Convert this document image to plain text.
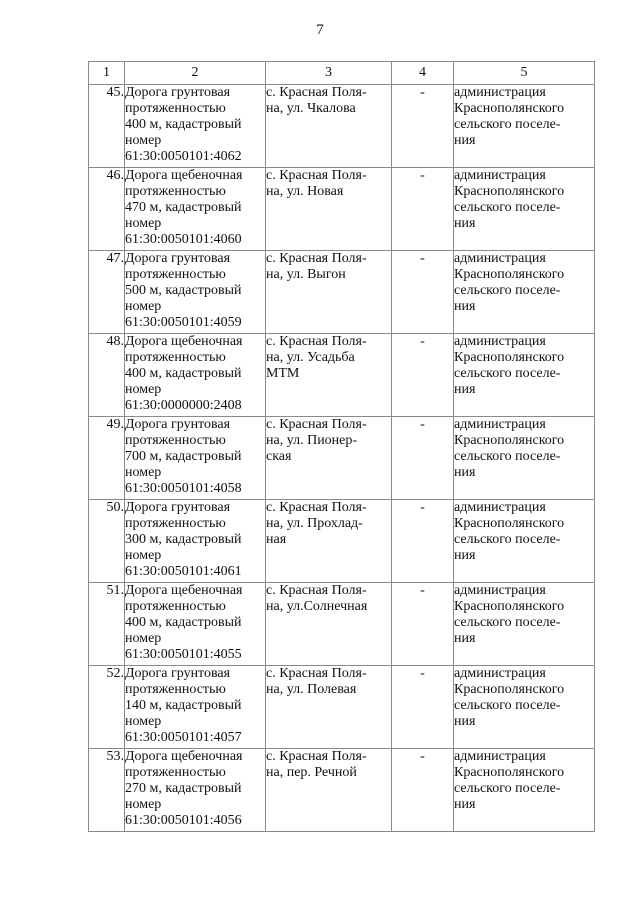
7
1	2	3	4	5
45.	Дорога грунтовая
протяженностью
400 м, кадастровый
номер
61:30:0050101:4062	с. Красная Поля-
на, ул. Чкалова	-	администрация
Краснополянского
сельского поселе-
ния

46.	Дорога щебеночная
протяженностью
470 м, кадастровый
номер
61:30:0050101:4060	с. Красная Поля-
на, ул. Новая	-	администрация
Краснополянского
сельского поселе-
ния

47.	Дорога грунтовая
протяженностью
500 м, кадастровый
номер
61:30:0050101:4059	с. Красная Поля-
на, ул. Выгон	-	администрация
Краснополянского
сельского поселе-
ния

48.	Дорога щебеночная
протяженностью
400 м, кадастровый
номер
61:30:0000000:2408	с. Красная Поля-
на, ул. Усадьба
МТМ	-	администрация
Краснополянского
сельского поселе-
ния

49.	Дорога грунтовая
протяженностью
700 м, кадастровый
номер
61:30:0050101:4058	с. Красная Поля-
на, ул. Пионер-
ская	-	администрация
Краснополянского
сельского поселе-
ния

50.	Дорога грунтовая
протяженностью
300 м, кадастровый
номер
61:30:0050101:4061	с. Красная Поля-
на, ул. Прохлад-
ная	-	администрация
Краснополянского
сельского поселе-
ния

51.	Дорога щебеночная
протяженностью
400 м, кадастровый
номер
61:30:0050101:4055	с. Красная Поля-
на, ул.Солнечная	-	администрация
Краснополянского
сельского поселе-
ния

52.	Дорога грунтовая
протяженностью
140 м, кадастровый
номер
61:30:0050101:4057	с. Красная Поля-
на, ул. Полевая	-	администрация
Краснополянского
сельского поселе-
ния

53.	Дорога щебеночная
протяженностью
270 м, кадастровый
номер
61:30:0050101:4056	с. Красная Поля-
на, пер. Речной	-	администрация
Краснополянского
сельского поселе-
ния
